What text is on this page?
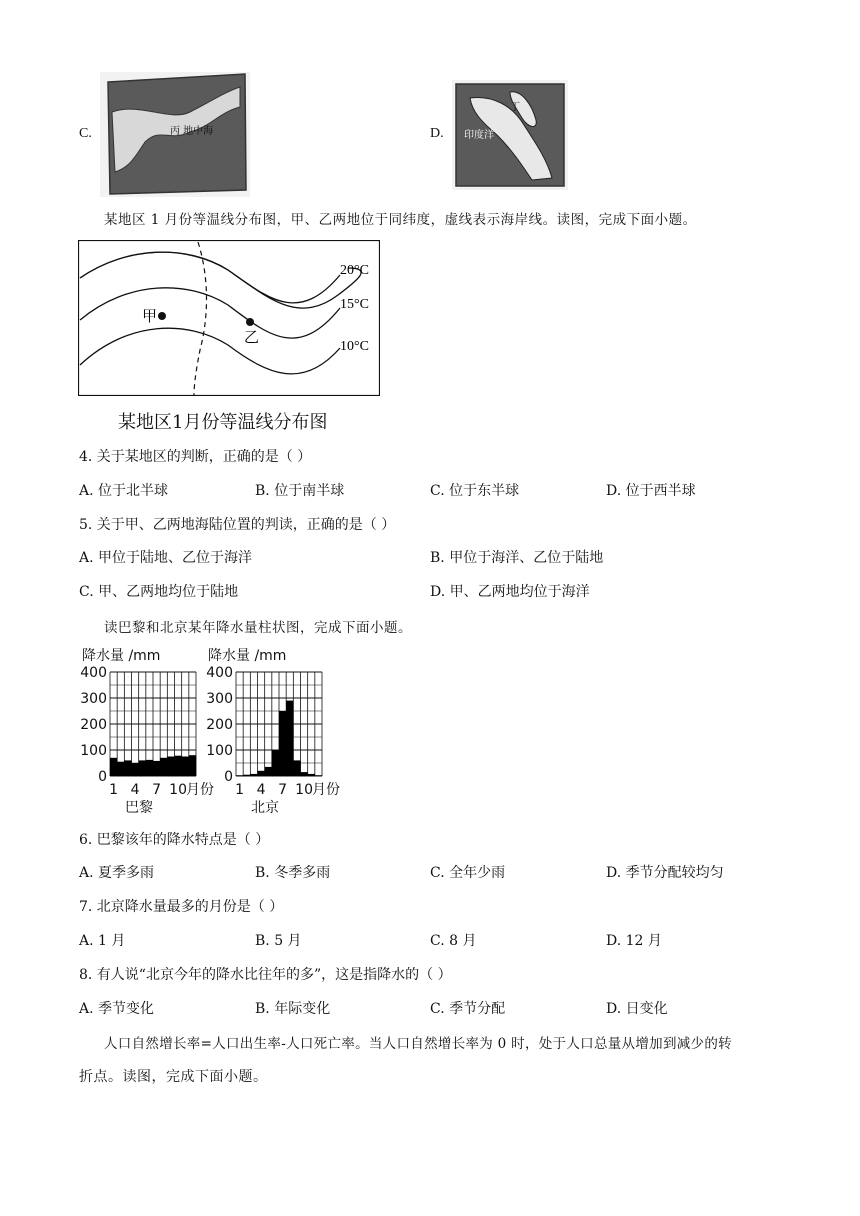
C.	丙 地中海	D.
丁
印度洋
某地区 1 月份等温线分布图，甲、乙两地位于同纬度，虚线表示海岸线。读图，完成下面小题。
20°C
15°C
10°C
甲
乙
某地区1月份等温线分布图
4. 关于某地区的判断，正确的是（ ）
A. 位于北半球	B. 位于南半球	C. 位于东半球	D. 位于西半球
5. 关于甲、乙两地海陆位置的判读，正确的是（ ）
A. 甲位于陆地、乙位于海洋	B. 甲位于海洋、乙位于陆地
C. 甲、乙两地均位于陆地	D. 甲、乙两地均位于海洋
读巴黎和北京某年降水量柱状图，完成下面小题。
降水量 /mm
400
300
200
100
0
1 4 7 10 月份
巴黎
降水量 /mm
400
300
200
100
0
1 4 7 10 月份
北京
6. 巴黎该年的降水特点是（ ）
A. 夏季多雨	B. 冬季多雨	C. 全年少雨	D. 季节分配较均匀
7. 北京降水量最多的月份是（ ）
A. 1 月	B. 5 月	C. 8 月	D. 12 月
8. 有人说“北京今年的降水比往年的多”，这是指降水的（ ）
A. 季节变化	B. 年际变化	C. 季节分配	D. 日变化
人口自然增长率=人口出生率-人口死亡率。当人口自然增长率为 0 时，处于人口总量从增加到减少的转
折点。读图，完成下面小题。
